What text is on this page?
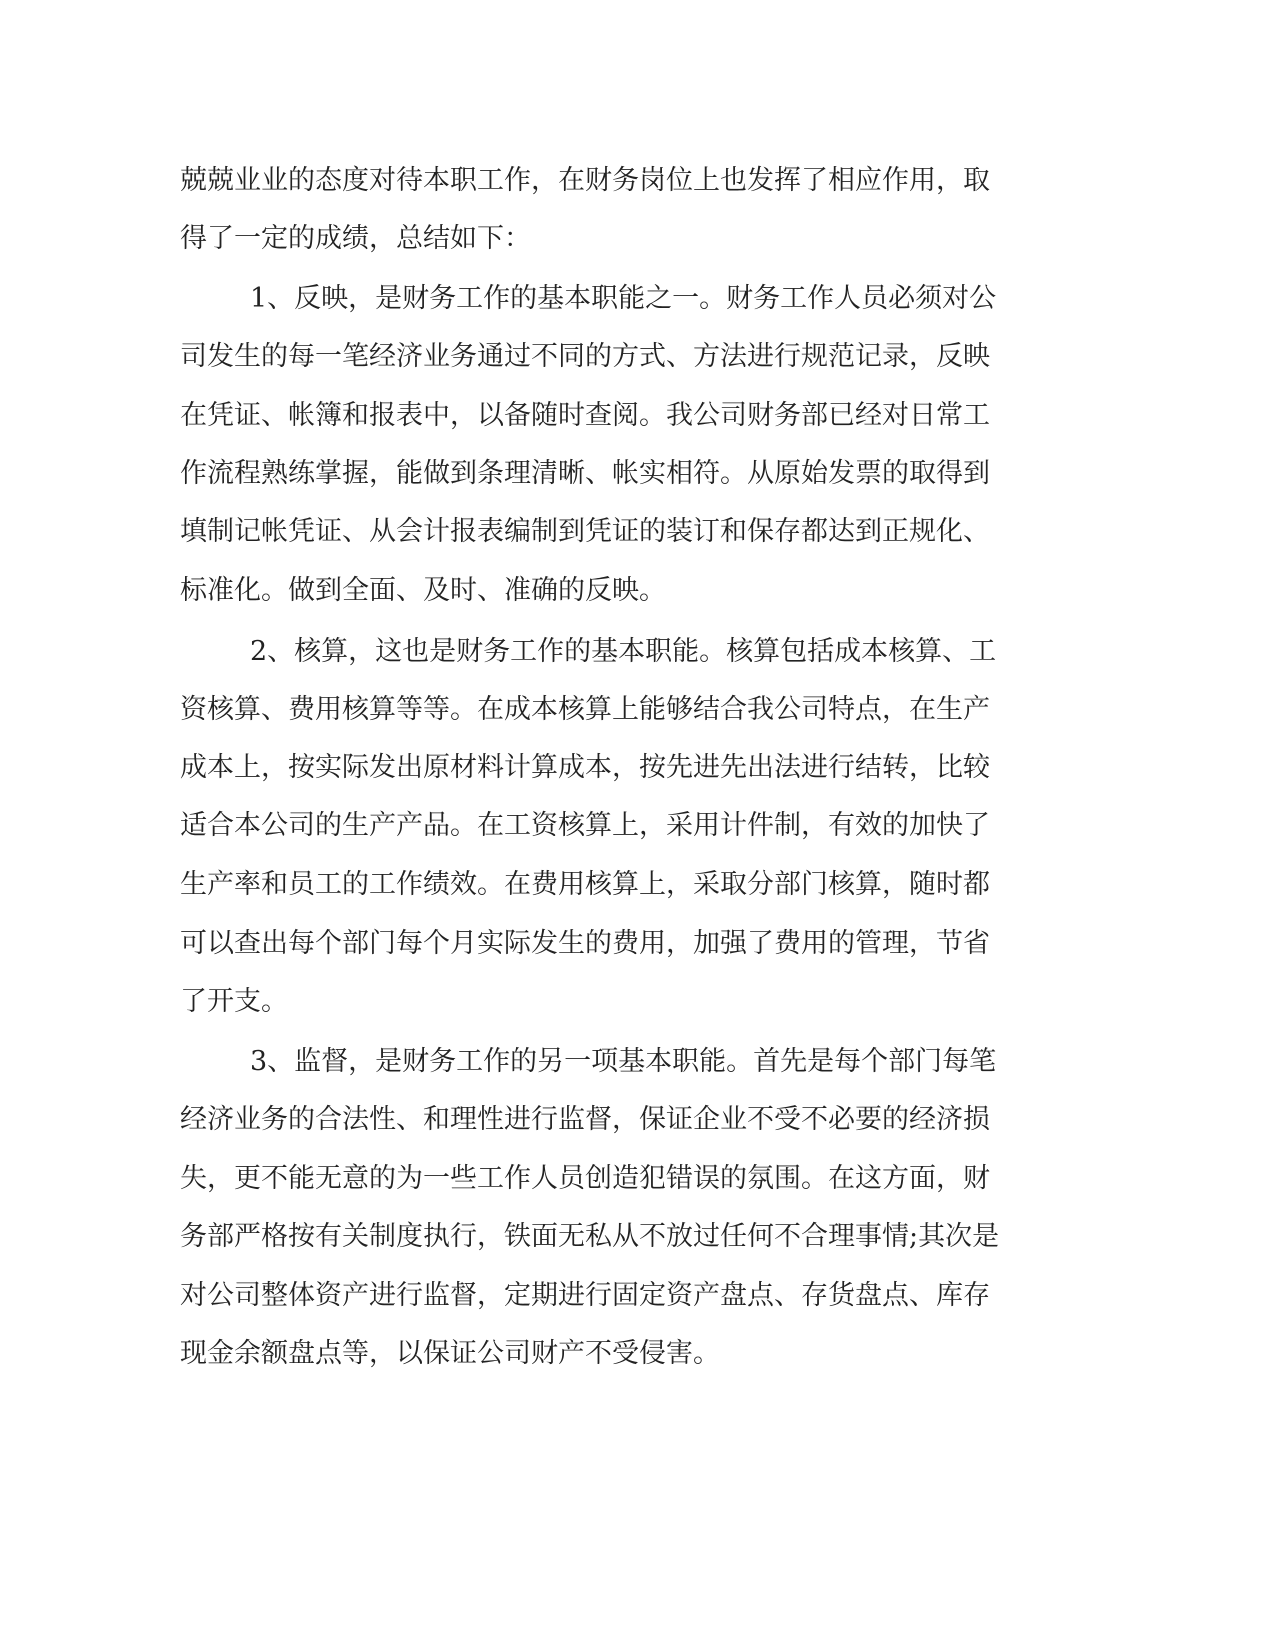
兢兢业业的态度对待本职工作，在财务岗位上也发挥了相应作用，取
得了一定的成绩，总结如下：
1、反映，是财务工作的基本职能之一。财务工作人员必须对公
司发生的每一笔经济业务通过不同的方式、方法进行规范记录，反映
在凭证、帐簿和报表中，以备随时查阅。我公司财务部已经对日常工
作流程熟练掌握，能做到条理清晰、帐实相符。从原始发票的取得到
填制记帐凭证、从会计报表编制到凭证的装订和保存都达到正规化、
标准化。做到全面、及时、准确的反映。
2、核算，这也是财务工作的基本职能。核算包括成本核算、工
资核算、费用核算等等。在成本核算上能够结合我公司特点，在生产
成本上，按实际发出原材料计算成本，按先进先出法进行结转，比较
适合本公司的生产产品。在工资核算上，采用计件制，有效的加快了
生产率和员工的工作绩效。在费用核算上，采取分部门核算，随时都
可以查出每个部门每个月实际发生的费用，加强了费用的管理，节省
了开支。
3、监督，是财务工作的另一项基本职能。首先是每个部门每笔
经济业务的合法性、和理性进行监督，保证企业不受不必要的经济损
失，更不能无意的为一些工作人员创造犯错误的氛围。在这方面，财
务部严格按有关制度执行，铁面无私从不放过任何不合理事情;其次是
对公司整体资产进行监督，定期进行固定资产盘点、存货盘点、库存
现金余额盘点等，以保证公司财产不受侵害。
